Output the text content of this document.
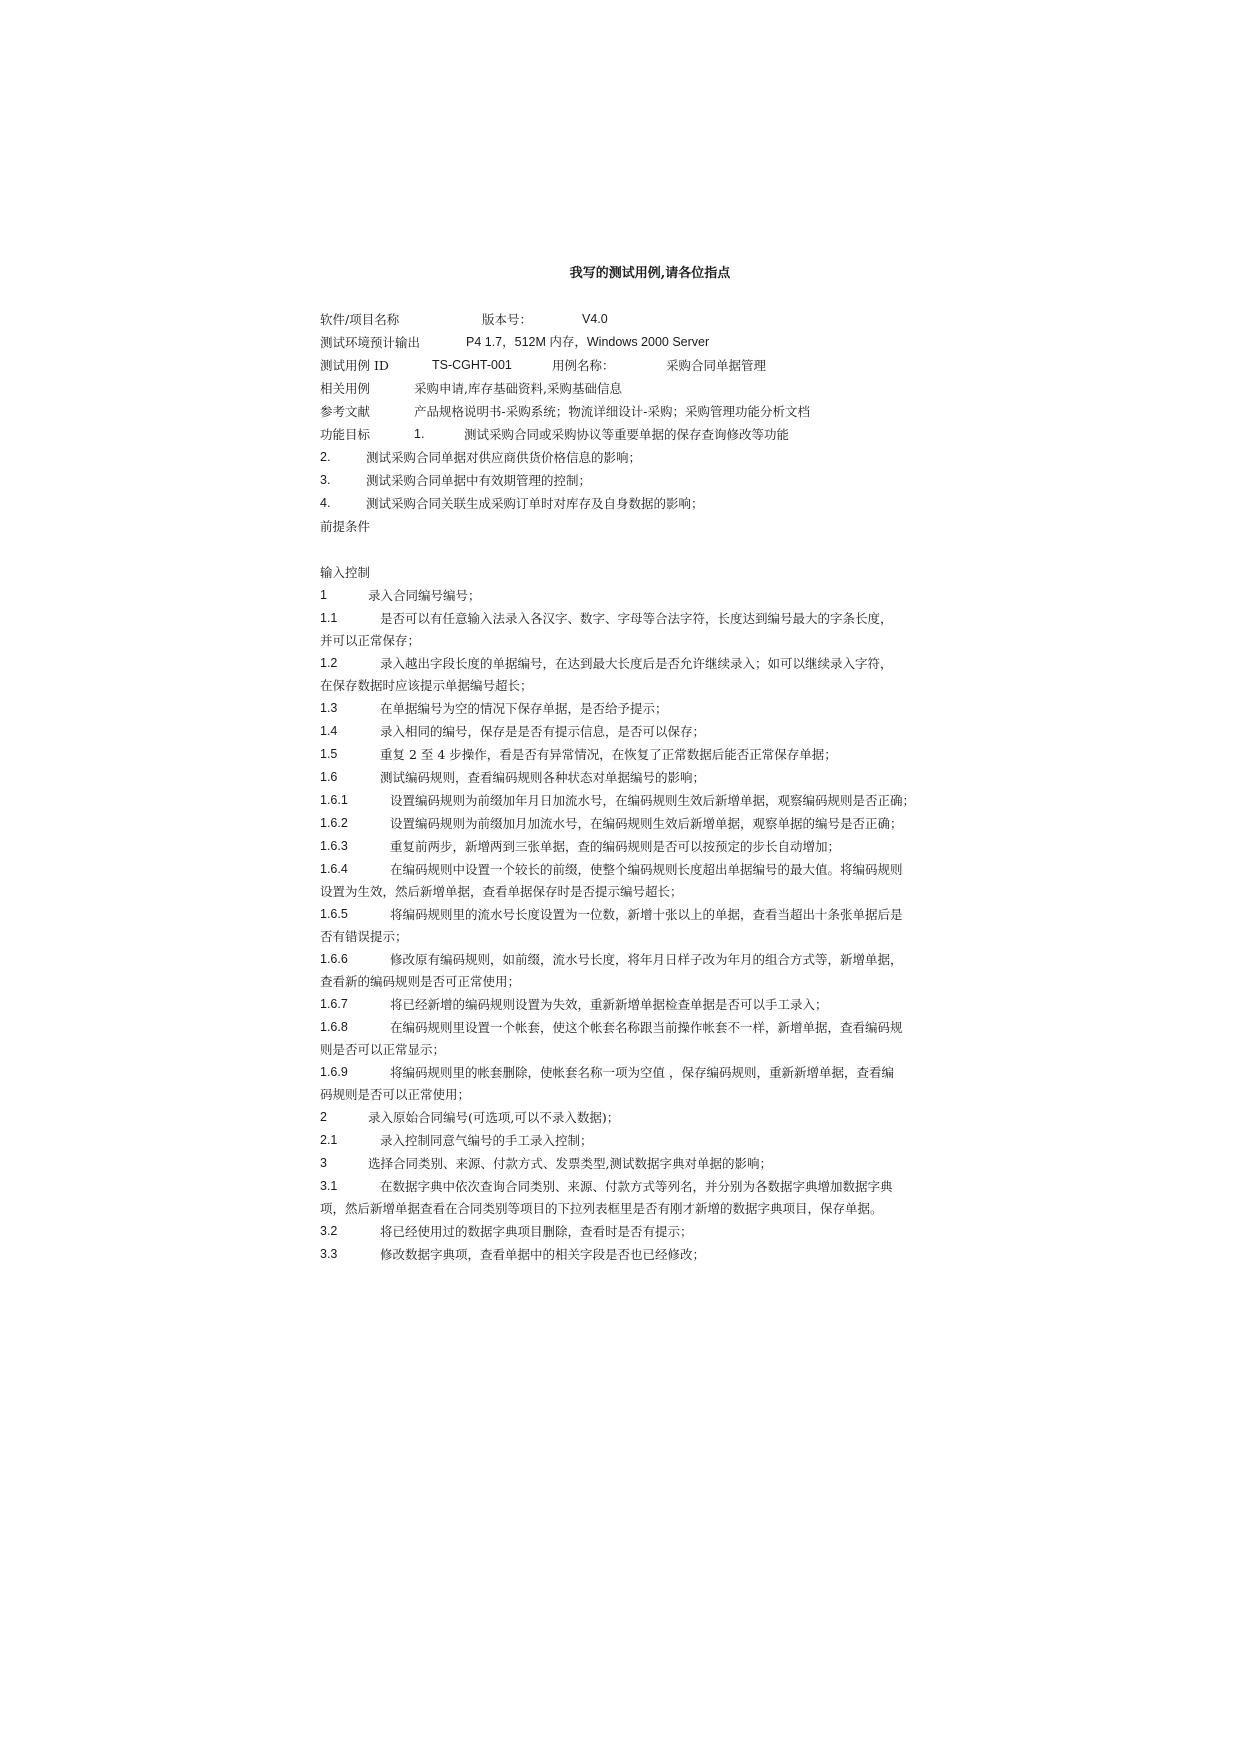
我写的测试用例,请各位指点
软件/项目名称	版本号：	V4.0
测试环境预计输出	P4 1.7，512M 内存，Windows 2000 Server
测试用例 ID	TS-CGHT-001	用例名称：	采购合同单据管理
相关用例	采购申请,库存基础资料,采购基础信息
参考文献	产品规格说明书-采购系统；物流详细设计-采购；采购管理功能分析文档
功能目标	1.	测试采购合同或采购协议等重要单据的保存查询修改等功能
2.	测试采购合同单据对供应商供货价格信息的影响；
3.	测试采购合同单据中有效期管理的控制；
4.	测试采购合同关联生成采购订单时对库存及自身数据的影响；
前提条件
输入控制
1	录入合同编号编号；
1.1	是否可以有任意输入法录入各汉字、数字、字母等合法字符，长度达到编号最大的字条长度，
并可以正常保存；
1.2	录入越出字段长度的单据编号，在达到最大长度后是否允许继续录入；如可以继续录入字符，
在保存数据时应该提示单据编号超长；
1.3	在单据编号为空的情况下保存单据，是否给予提示；
1.4	录入相同的编号，保存是是否有提示信息，是否可以保存；
1.5	重复 2 至 4 步操作，看是否有异常情况，在恢复了正常数据后能否正常保存单据；
1.6	测试编码规则，查看编码规则各种状态对单据编号的影响；
1.6.1	设置编码规则为前缀加年月日加流水号，在编码规则生效后新增单据，观察编码规则是否正确；
1.6.2	设置编码规则为前缀加月加流水号，在编码规则生效后新增单据，观察单据的编号是否正确；
1.6.3	重复前两步，新增两到三张单据，查的编码规则是否可以按预定的步长自动增加；
1.6.4	在编码规则中设置一个较长的前缀，使整个编码规则长度超出单据编号的最大值。将编码规则
设置为生效，然后新增单据，查看单据保存时是否提示编号超长；
1.6.5	将编码规则里的流水号长度设置为一位数，新增十张以上的单据，查看当超出十条张单据后是
否有错误提示；
1.6.6	修改原有编码规则，如前缀，流水号长度，将年月日样子改为年月的组合方式等，新增单据，
查看新的编码规则是否可正常使用；
1.6.7	将已经新增的编码规则设置为失效，重新新增单据检查单据是否可以手工录入；
1.6.8	在编码规则里设置一个帐套，使这个帐套名称跟当前操作帐套不一样，新增单据，查看编码规
则是否可以正常显示；
1.6.9	将编码规则里的帐套删除，使帐套名称一项为空值 ，保存编码规则，重新新增单据，查看编
码规则是否可以正常使用；
2	录入原始合同编号(可选项,可以不录入数据)；
2.1	录入控制同意气编号的手工录入控制；
3	选择合同类别、来源、付款方式、发票类型,测试数据字典对单据的影响；
3.1	在数据字典中依次查询合同类别、来源、付款方式等列名，并分别为各数据字典增加数据字典
项，然后新增单据查看在合同类别等项目的下拉列表框里是否有刚才新增的数据字典项目，保存单据。
3.2	将已经使用过的数据字典项目删除，查看时是否有提示；
3.3	修改数据字典项，查看单据中的相关字段是否也已经修改；
